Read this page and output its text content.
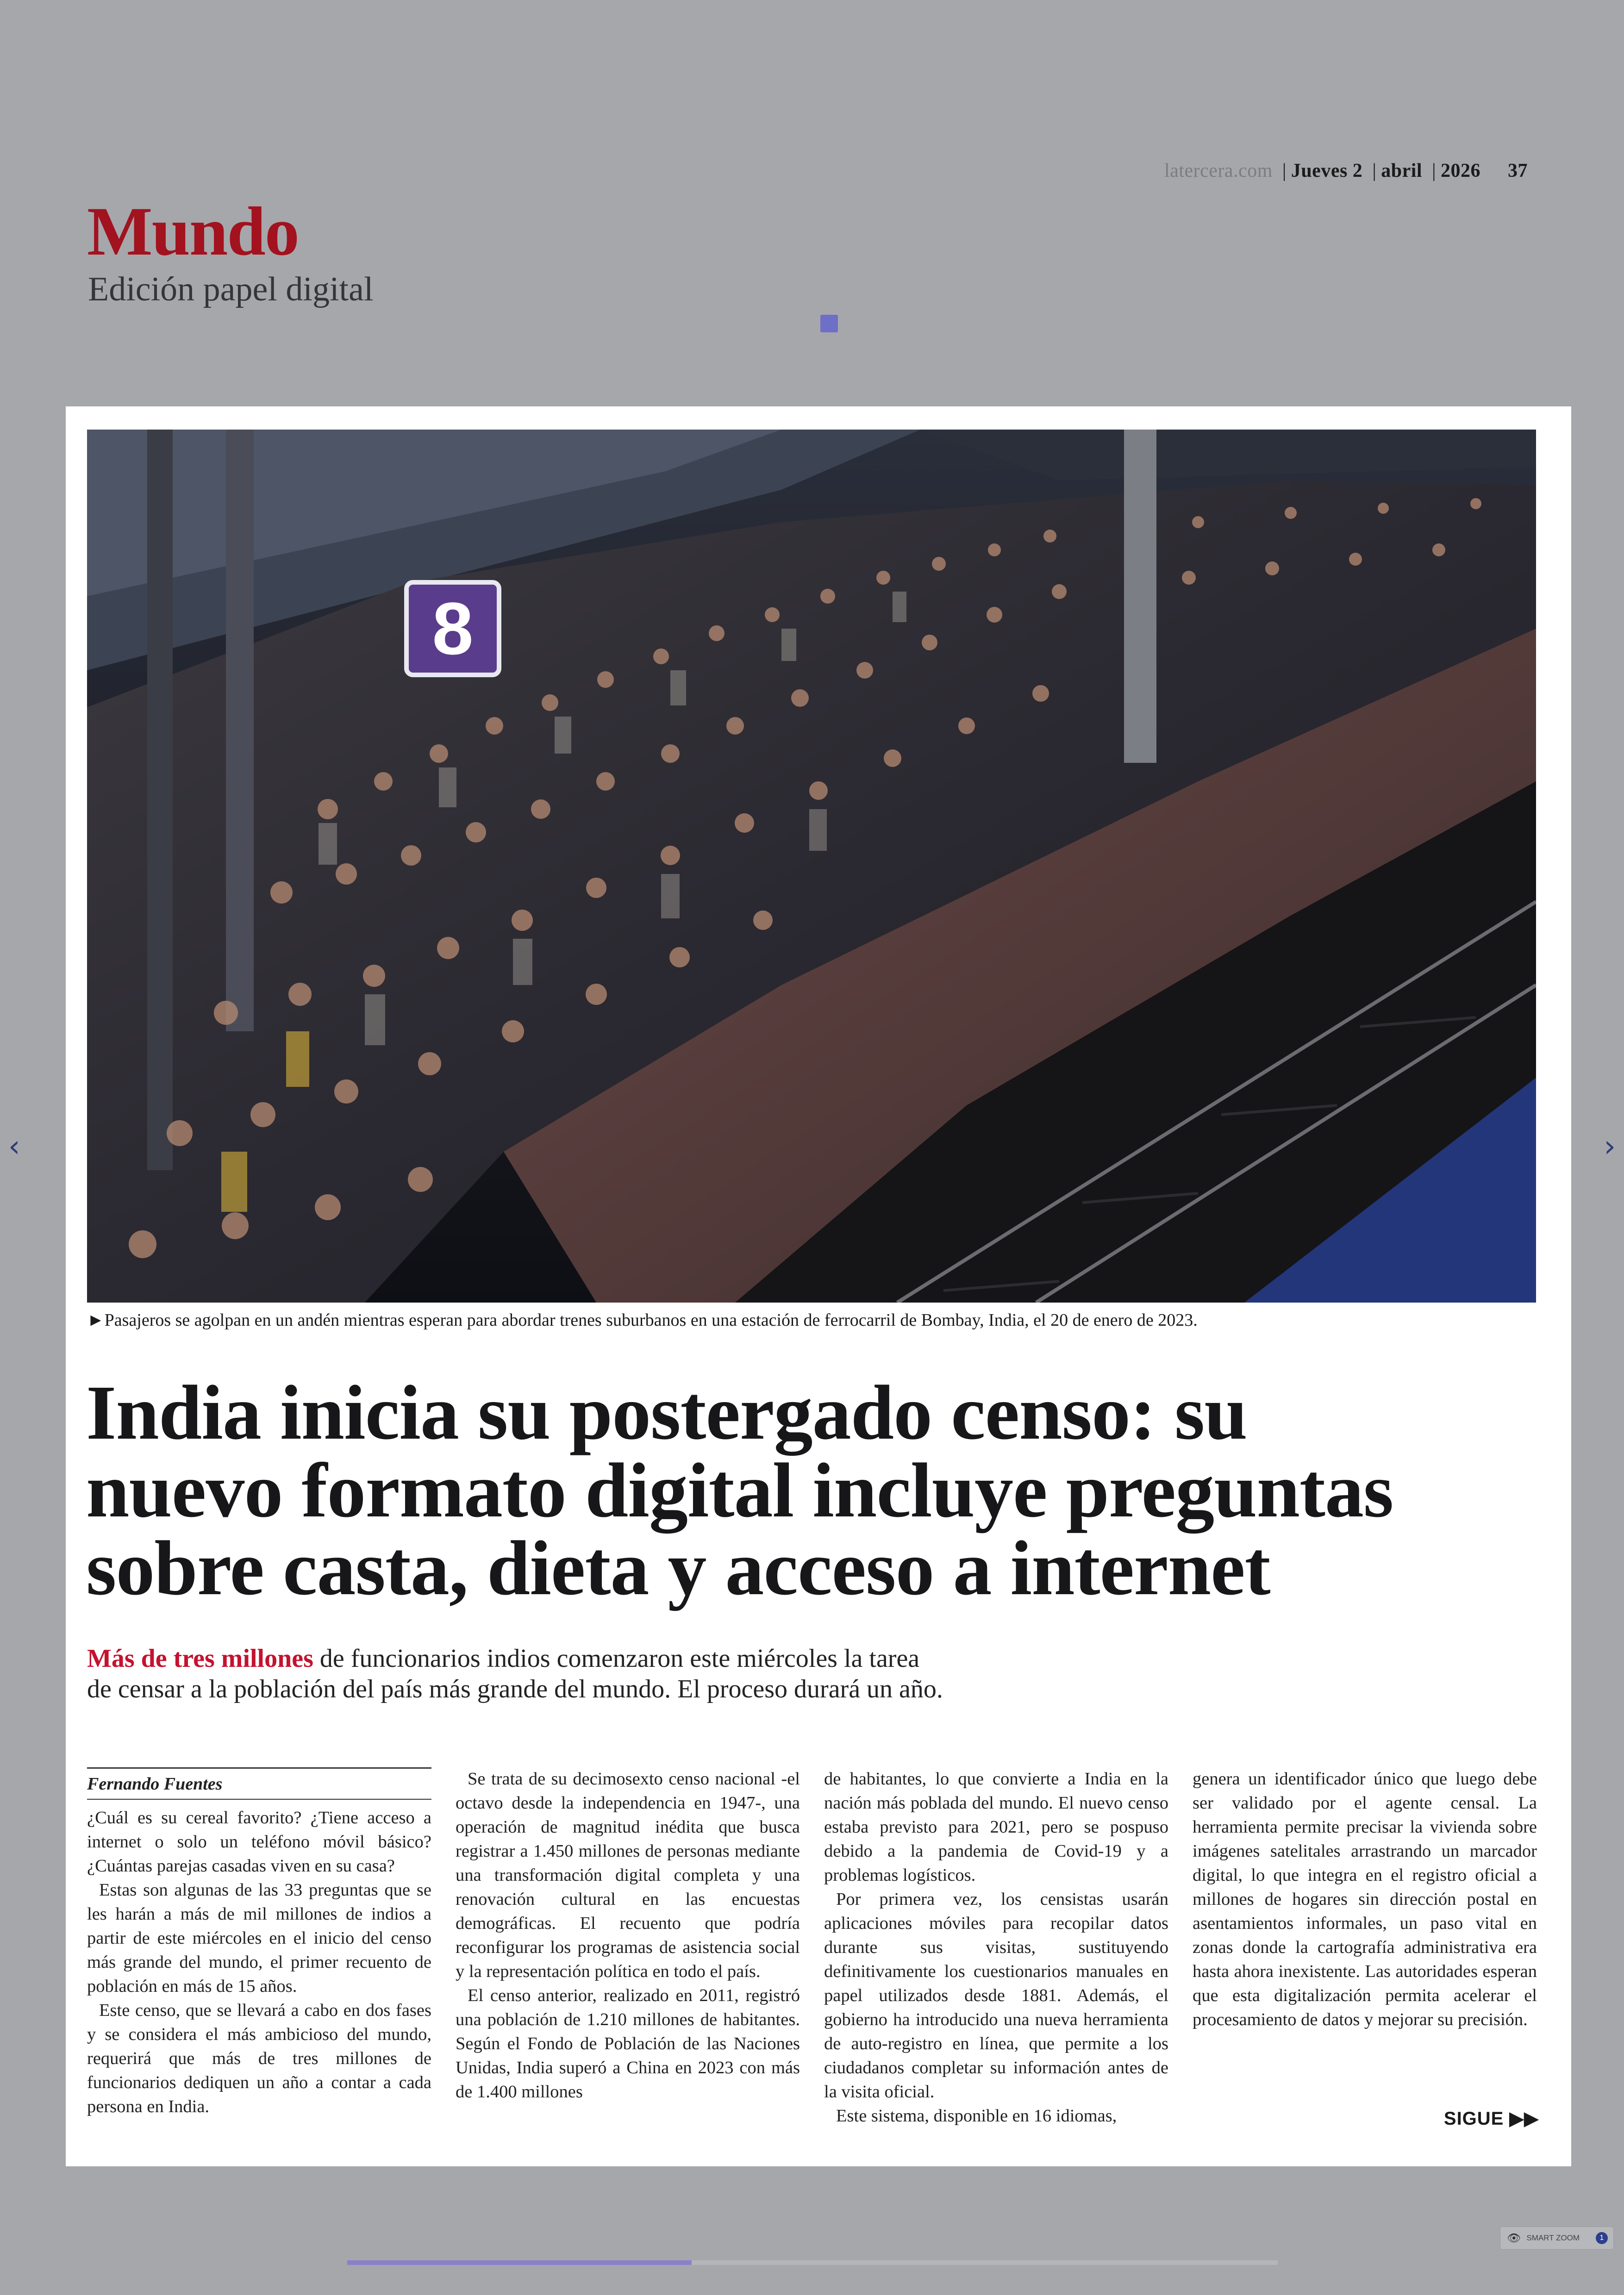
latercera.com | Jueves 2 | abril | 2026 37
Mundo
Edición papel digital
‹	›
8
►Pasajeros se agolpan en un andén mientras esperan para abordar trenes suburbanos en una estación de ferrocarril de Bombay, India, el 20 de enero de 2023.
India inicia su postergado censo: su
nuevo formato digital incluye preguntas
sobre casta, dieta y acceso a internet
Más de tres millones de funcionarios indios comenzaron este miércoles la tarea
de censar a la población del país más grande del mundo. El proceso durará un año.
Fernando Fuentes

¿Cuál es su cereal favorito? ¿Tiene acceso a internet o solo un teléfono móvil básico? ¿Cuántas parejas casadas viven en su casa?

Estas son algunas de las 33 preguntas que se les harán a más de mil millones de indios a partir de este miércoles en el inicio del censo más grande del mundo, el primer recuento de población en más de 15 años.

Este censo, que se llevará a cabo en dos fases y se considera el más ambicioso del mundo, requerirá que más de tres millones de funcionarios dediquen un año a contar a cada persona en India.

Se trata de su decimosexto censo nacional -el octavo desde la independencia en 1947-, una operación de magnitud inédita que busca registrar a 1.450 millones de personas mediante una transformación digital completa y una renovación cultural en las encuestas demográficas. El recuento que podría reconfigurar los programas de asistencia social y la representación política en todo el país.

El censo anterior, realizado en 2011, registró una población de 1.210 millones de habitantes. Según el Fondo de Población de las Naciones Unidas, India superó a China en 2023 con más de 1.400 millones

de habitantes, lo que convierte a India en la nación más poblada del mundo. El nuevo censo estaba previsto para 2021, pero se pospuso debido a la pandemia de Covid-19 y a problemas logísticos.

Por primera vez, los censistas usarán aplicaciones móviles para recopilar datos durante sus visitas, sustituyendo definitivamente los cuestionarios manuales en papel utilizados desde 1881. Además, el gobierno ha introducido una nueva herramienta de auto-registro en línea, que permite a los ciudadanos completar su información antes de la visita oficial.

Este sistema, disponible en 16 idiomas,

genera un identificador único que luego debe ser validado por el agente censal. La herramienta permite precisar la vivienda sobre imágenes satelitales arrastrando un marcador digital, lo que integra en el registro oficial a millones de hogares sin dirección postal en asentamientos informales, un paso vital en zonas donde la cartografía administrativa era hasta ahora inexistente. Las autoridades esperan que esta digitalización permita acelerar el procesamiento de datos y mejorar su precisión.

SIGUE ▶▶
👁 SMART ZOOM	1
